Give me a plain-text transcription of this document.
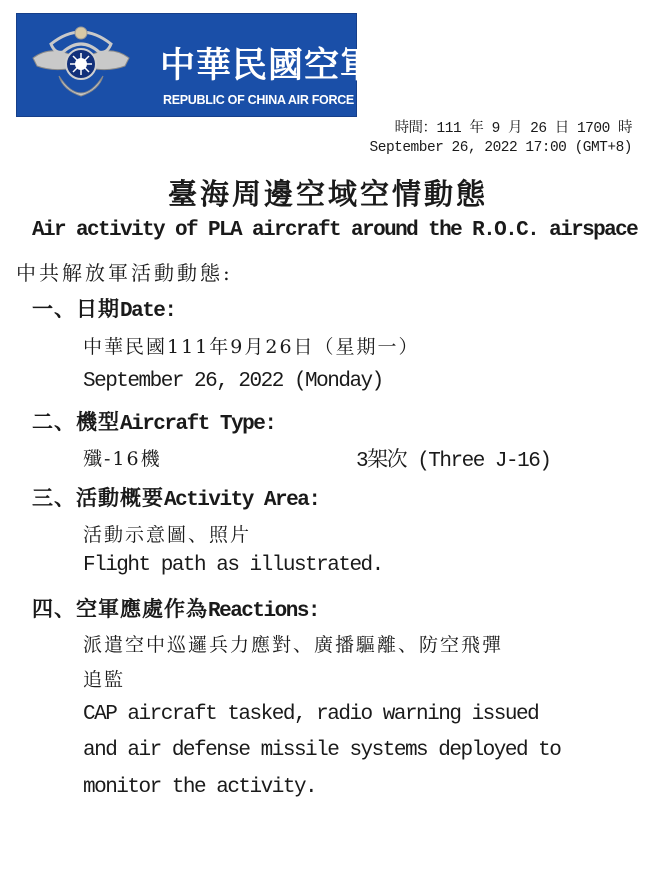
中華民國空軍
REPUBLIC OF CHINA AIR FORCE
時間：111 年 9 月 26 日 1700 時
September 26, 2022 17:00 (GMT+8)
臺海周邊空域空情動態
Air activity of PLA aircraft around the R.O.C. airspace
中共解放軍活動動態:
一、日期Date:
中華民國111年9月26日（星期一）
September 26, 2022 (Monday)
二、機型Aircraft Type:
殲-16機	3架次 (Three J-16)
三、活動概要Activity Area:
活動示意圖、照片
Flight path as illustrated.
四、空軍應處作為Reactions:
派遣空中巡邏兵力應對、廣播驅離、防空飛彈
追監
CAP aircraft tasked, radio warning issued
and air defense missile systems deployed to
monitor the activity.
